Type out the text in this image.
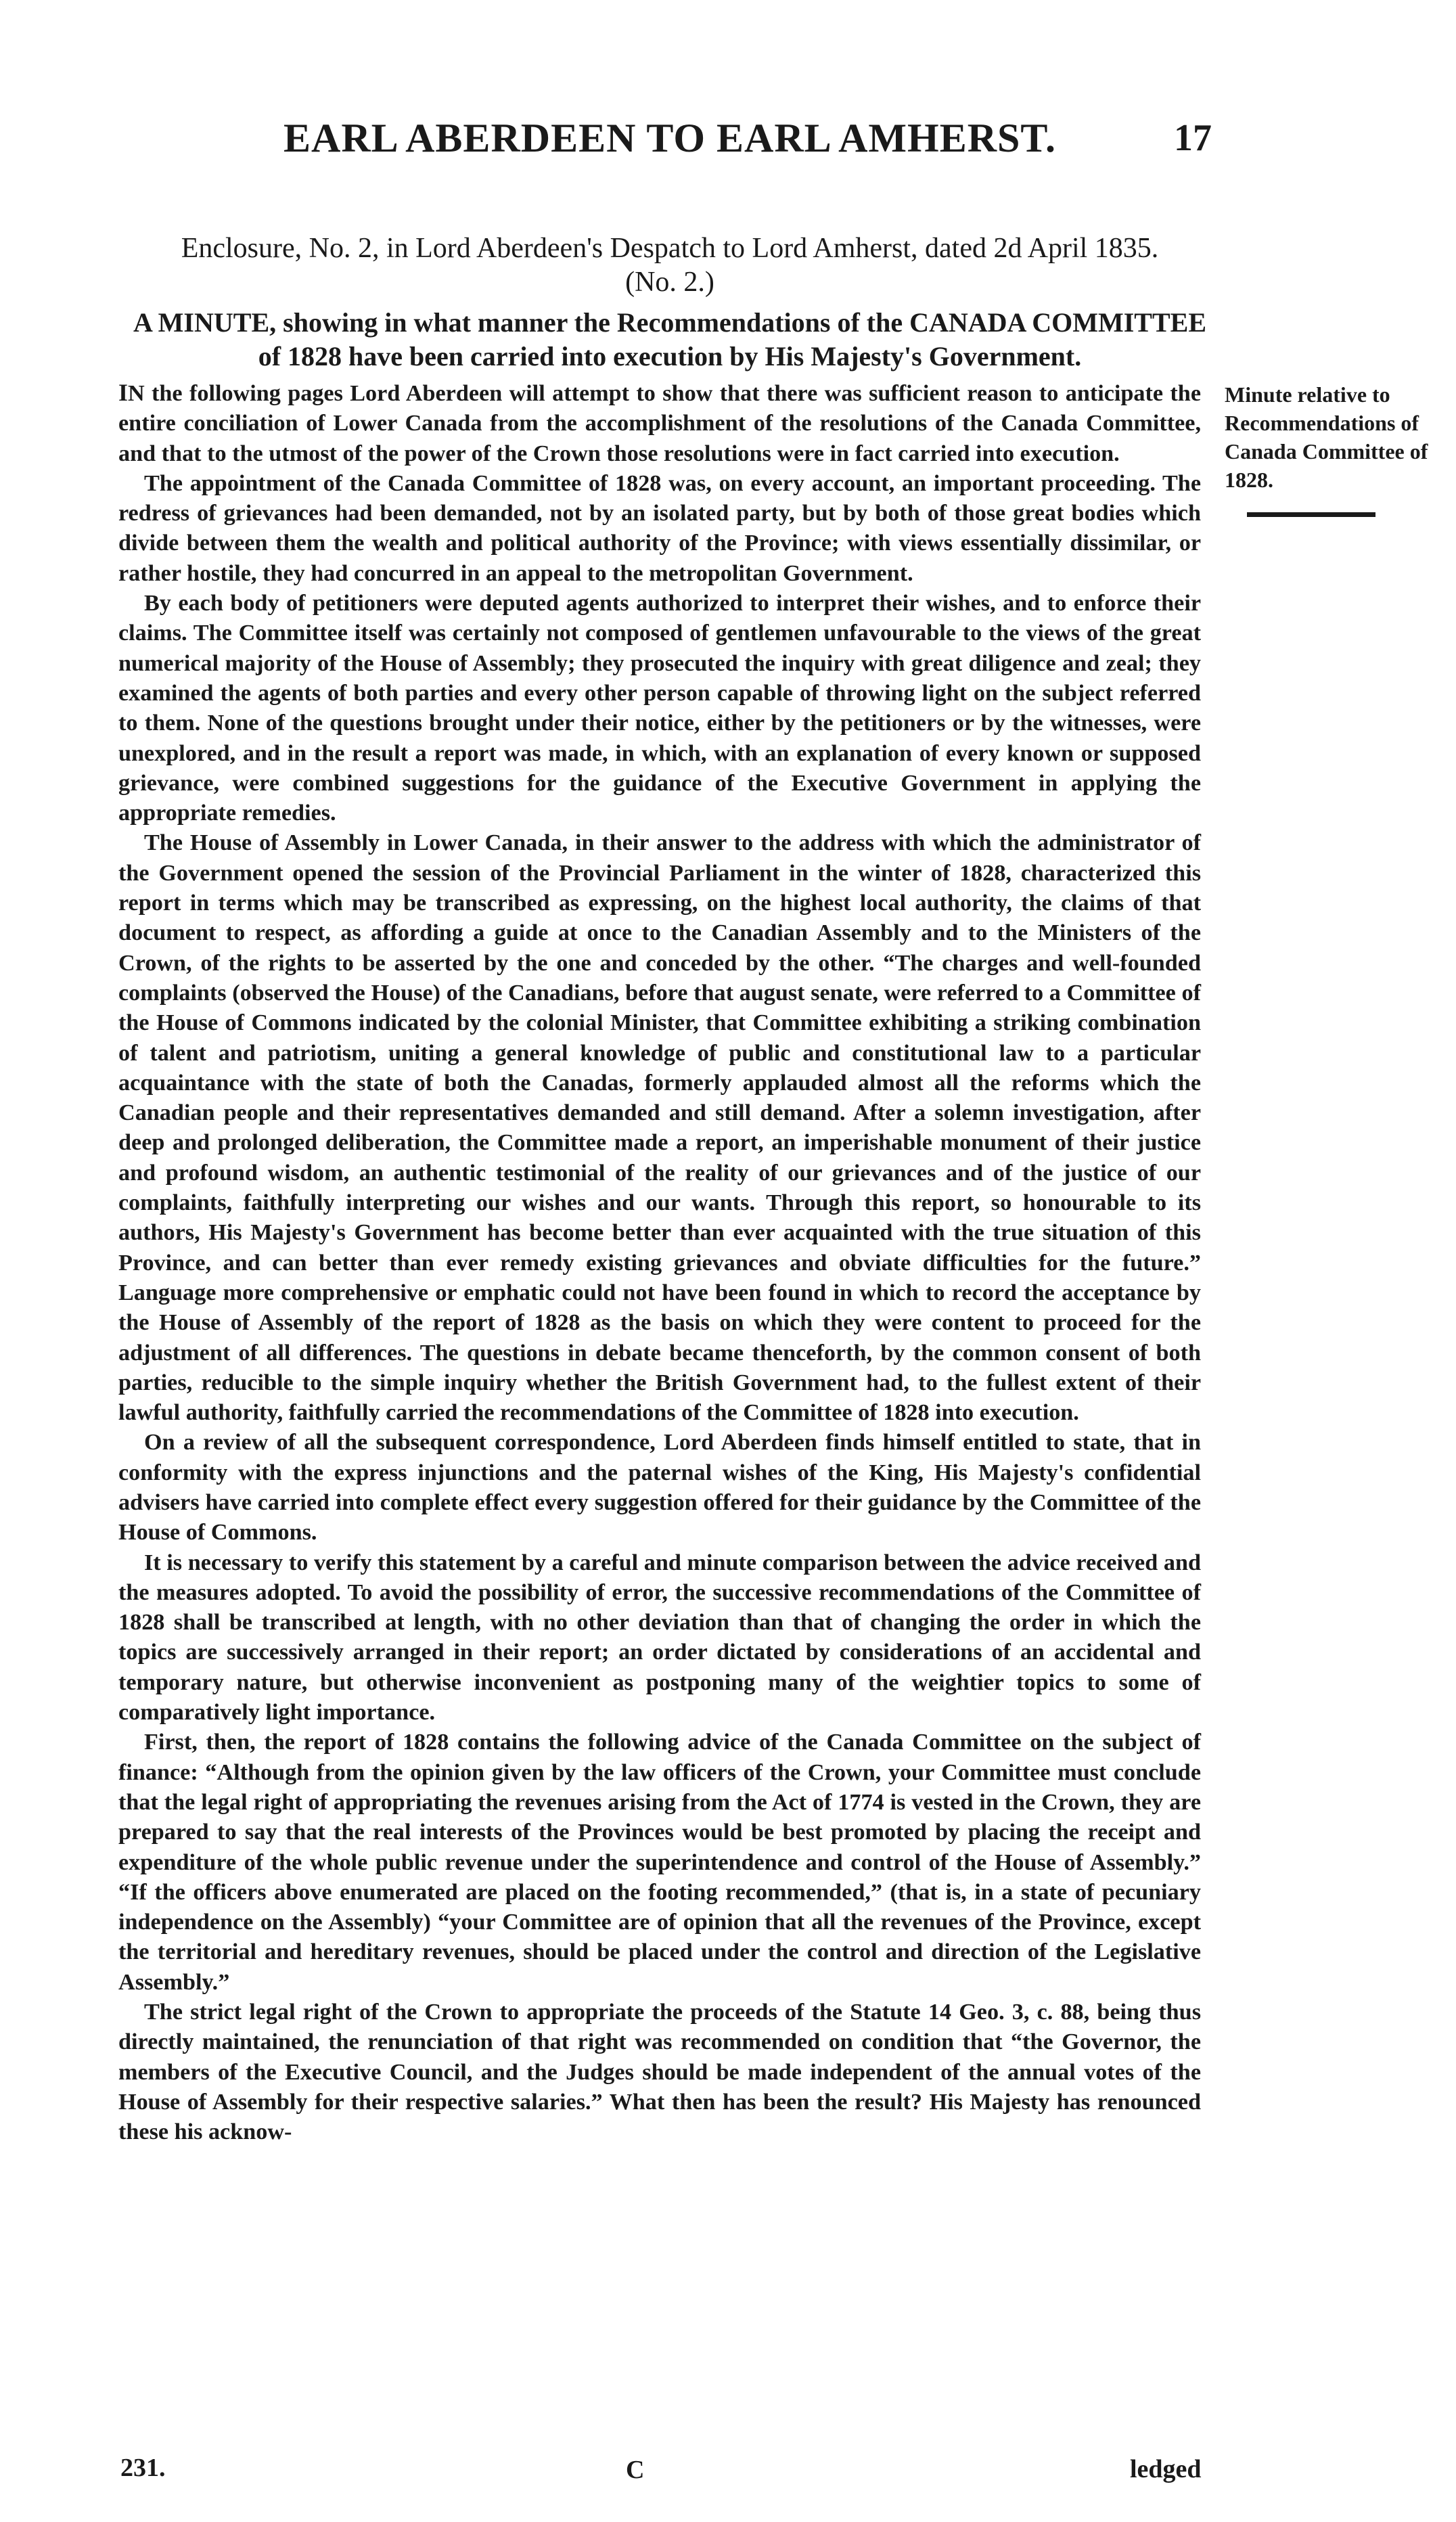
EARL ABERDEEN TO EARL AMHERST.	17
Enclosure, No. 2, in Lord Aberdeen's Despatch to Lord Amherst, dated 2d April 1835.
(No. 2.)
A MINUTE, showing in what manner the Recommendations of the CANADA COMMITTEE
of 1828 have been carried into execution by His Majesty's Government.
Minute relative to Recommendations of Canada Committee of 1828.

IN the following pages Lord Aberdeen will attempt to show that there was sufficient reason to anticipate the entire conciliation of Lower Canada from the accomplishment of the resolutions of the Canada Committee, and that to the utmost of the power of the Crown those resolutions were in fact carried into execution.

The appointment of the Canada Committee of 1828 was, on every account, an important proceeding. The redress of grievances had been demanded, not by an isolated party, but by both of those great bodies which divide between them the wealth and political authority of the Province; with views essentially dissimilar, or rather hostile, they had concurred in an appeal to the metropolitan Government.

By each body of petitioners were deputed agents authorized to interpret their wishes, and to enforce their claims. The Committee itself was certainly not composed of gentlemen unfavourable to the views of the great numerical majority of the House of Assembly; they prosecuted the inquiry with great diligence and zeal; they examined the agents of both parties and every other person capable of throwing light on the subject referred to them. None of the questions brought under their notice, either by the petitioners or by the witnesses, were unexplored, and in the result a report was made, in which, with an explanation of every known or supposed grievance, were combined suggestions for the guidance of the Executive Government in applying the appropriate remedies.

The House of Assembly in Lower Canada, in their answer to the address with which the administrator of the Government opened the session of the Provincial Parliament in the winter of 1828, characterized this report in terms which may be transcribed as expressing, on the highest local authority, the claims of that document to respect, as affording a guide at once to the Canadian Assembly and to the Ministers of the Crown, of the rights to be asserted by the one and conceded by the other. “The charges and well-founded complaints (observed the House) of the Canadians, before that august senate, were referred to a Committee of the House of Commons indicated by the colonial Minister, that Committee exhibiting a striking combination of talent and patriotism, uniting a general knowledge of public and constitutional law to a particular acquaintance with the state of both the Canadas, formerly applauded almost all the reforms which the Canadian people and their representatives demanded and still demand. After a solemn investigation, after deep and prolonged deliberation, the Committee made a report, an imperishable monument of their justice and profound wisdom, an authentic testimonial of the reality of our grievances and of the justice of our complaints, faithfully interpreting our wishes and our wants. Through this report, so honourable to its authors, His Majesty's Government has become better than ever acquainted with the true situation of this Province, and can better than ever remedy existing grievances and obviate difficulties for the future.” Language more comprehensive or emphatic could not have been found in which to record the acceptance by the House of Assembly of the report of 1828 as the basis on which they were content to proceed for the adjustment of all differences. The questions in debate became thenceforth, by the common consent of both parties, reducible to the simple inquiry whether the British Government had, to the fullest extent of their lawful authority, faithfully carried the recommendations of the Committee of 1828 into execution.

On a review of all the subsequent correspondence, Lord Aberdeen finds himself entitled to state, that in conformity with the express injunctions and the paternal wishes of the King, His Majesty's confidential advisers have carried into complete effect every suggestion offered for their guidance by the Committee of the House of Commons.

It is necessary to verify this statement by a careful and minute comparison between the advice received and the measures adopted. To avoid the possibility of error, the successive recommendations of the Committee of 1828 shall be transcribed at length, with no other deviation than that of changing the order in which the topics are successively arranged in their report; an order dictated by considerations of an accidental and temporary nature, but otherwise inconvenient as postponing many of the weightier topics to some of comparatively light importance.

First, then, the report of 1828 contains the following advice of the Canada Committee on the subject of finance: “Although from the opinion given by the law officers of the Crown, your Committee must conclude that the legal right of appropriating the revenues arising from the Act of 1774 is vested in the Crown, they are prepared to say that the real interests of the Provinces would be best promoted by placing the receipt and expenditure of the whole public revenue under the superintendence and control of the House of Assembly.” “If the officers above enumerated are placed on the footing recommended,” (that is, in a state of pecuniary independence on the Assembly) “your Committee are of opinion that all the revenues of the Province, except the territorial and hereditary revenues, should be placed under the control and direction of the Legislative Assembly.”

The strict legal right of the Crown to appropriate the proceeds of the Statute 14 Geo. 3, c. 88, being thus directly maintained, the renunciation of that right was recommended on condition that “the Governor, the members of the Executive Council, and the Judges should be made independent of the annual votes of the House of Assembly for their respective salaries.” What then has been the result? His Majesty has renounced these his acknow-

231.	C	ledged
